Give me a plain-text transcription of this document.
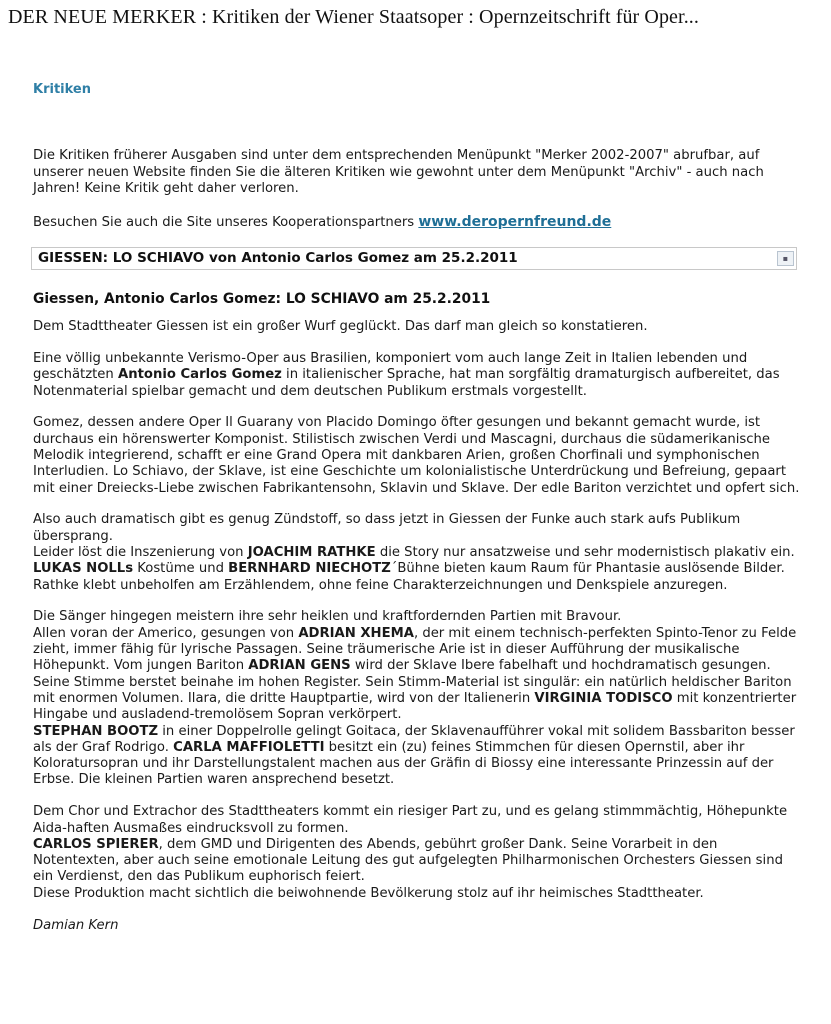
DER NEUE MERKER : Kritiken der Wiener Staatsoper : Opernzeitschrift für Oper...
Kritiken

Die Kritiken früherer Ausgaben sind unter dem entsprechenden Menüpunkt "Merker 2002-2007" abrufbar, auf unserer neuen Website finden Sie die älteren Kritiken wie gewohnt unter dem Menüpunkt "Archiv" - auch nach Jahren! Keine Kritik geht daher verloren.

Besuchen Sie auch die Site unseres Kooperationspartners www.deropernfreund.de

GIESSEN: LO SCHIAVO von Antonio Carlos Gomez am 25.2.2011	▪
Giessen, Antonio Carlos Gomez: LO SCHIAVO am 25.2.2011

Dem Stadttheater Giessen ist ein großer Wurf geglückt. Das darf man gleich so konstatieren.

Eine völlig unbekannte Verismo-Oper aus Brasilien, komponiert vom auch lange Zeit in Italien lebenden und geschätzten Antonio Carlos Gomez in italienischer Sprache, hat man sorgfältig dramaturgisch aufbereitet, das Notenmaterial spielbar gemacht und dem deutschen Publikum erstmals vorgestellt.

Gomez, dessen andere Oper Il Guarany von Placido Domingo öfter gesungen und bekannt gemacht wurde, ist durchaus ein hörenswerter Komponist. Stilistisch zwischen Verdi und Mascagni, durchaus die südamerikanische Melodik integrierend, schafft er eine Grand Opera mit dankbaren Arien, großen Chorfinali und symphonischen Interludien. Lo Schiavo, der Sklave, ist eine Geschichte um kolonialistische Unterdrückung und Befreiung, gepaart mit einer Dreiecks-Liebe zwischen Fabrikantensohn, Sklavin und Sklave. Der edle Bariton verzichtet und opfert sich.

Also auch dramatisch gibt es genug Zündstoff, so dass jetzt in Giessen der Funke auch stark aufs Publikum übersprang.
Leider löst die Inszenierung von JOACHIM RATHKE die Story nur ansatzweise und sehr modernistisch plakativ ein. LUKAS NOLLs Kostüme und BERNHARD NIECHOTZ´Bühne bieten kaum Raum für Phantasie auslösende Bilder. Rathke klebt unbeholfen am Erzählendem, ohne feine Charakterzeichnungen und Denkspiele anzuregen.

Die Sänger hingegen meistern ihre sehr heiklen und kraftfordernden Partien mit Bravour.
Allen voran der Americo, gesungen von ADRIAN XHEMA, der mit einem technisch-perfekten Spinto-Tenor zu Felde zieht, immer fähig für lyrische Passagen. Seine träumerische Arie ist in dieser Aufführung der musikalische Höhepunkt. Vom jungen Bariton ADRIAN GENS wird der Sklave Ibere fabelhaft und hochdramatisch gesungen. Seine Stimme berstet beinahe im hohen Register. Sein Stimm-Material ist singulär: ein natürlich heldischer Bariton mit enormen Volumen. Ilara, die dritte Hauptpartie, wird von der Italienerin VIRGINIA TODISCO mit konzentrierter Hingabe und ausladend-tremolösem Sopran verkörpert.
STEPHAN BOOTZ in einer Doppelrolle gelingt Goitaca, der Sklavenaufführer vokal mit solidem Bassbariton besser als der Graf Rodrigo. CARLA MAFFIOLETTI besitzt ein (zu) feines Stimmchen für diesen Opernstil, aber ihr Koloratursopran und ihr Darstellungstalent machen aus der Gräfin di Biossy eine interessante Prinzessin auf der Erbse. Die kleinen Partien waren ansprechend besetzt.

Dem Chor und Extrachor des Stadttheaters kommt ein riesiger Part zu, und es gelang stimmmächtig, Höhepunkte Aida-haften Ausmaßes eindrucksvoll zu formen.
CARLOS SPIERER, dem GMD und Dirigenten des Abends, gebührt großer Dank. Seine Vorarbeit in den Notentexten, aber auch seine emotionale Leitung des gut aufgelegten Philharmonischen Orchesters Giessen sind ein Verdienst, den das Publikum euphorisch feiert.
Diese Produktion macht sichtlich die beiwohnende Bevölkerung stolz auf ihr heimisches Stadttheater.

Damian Kern
